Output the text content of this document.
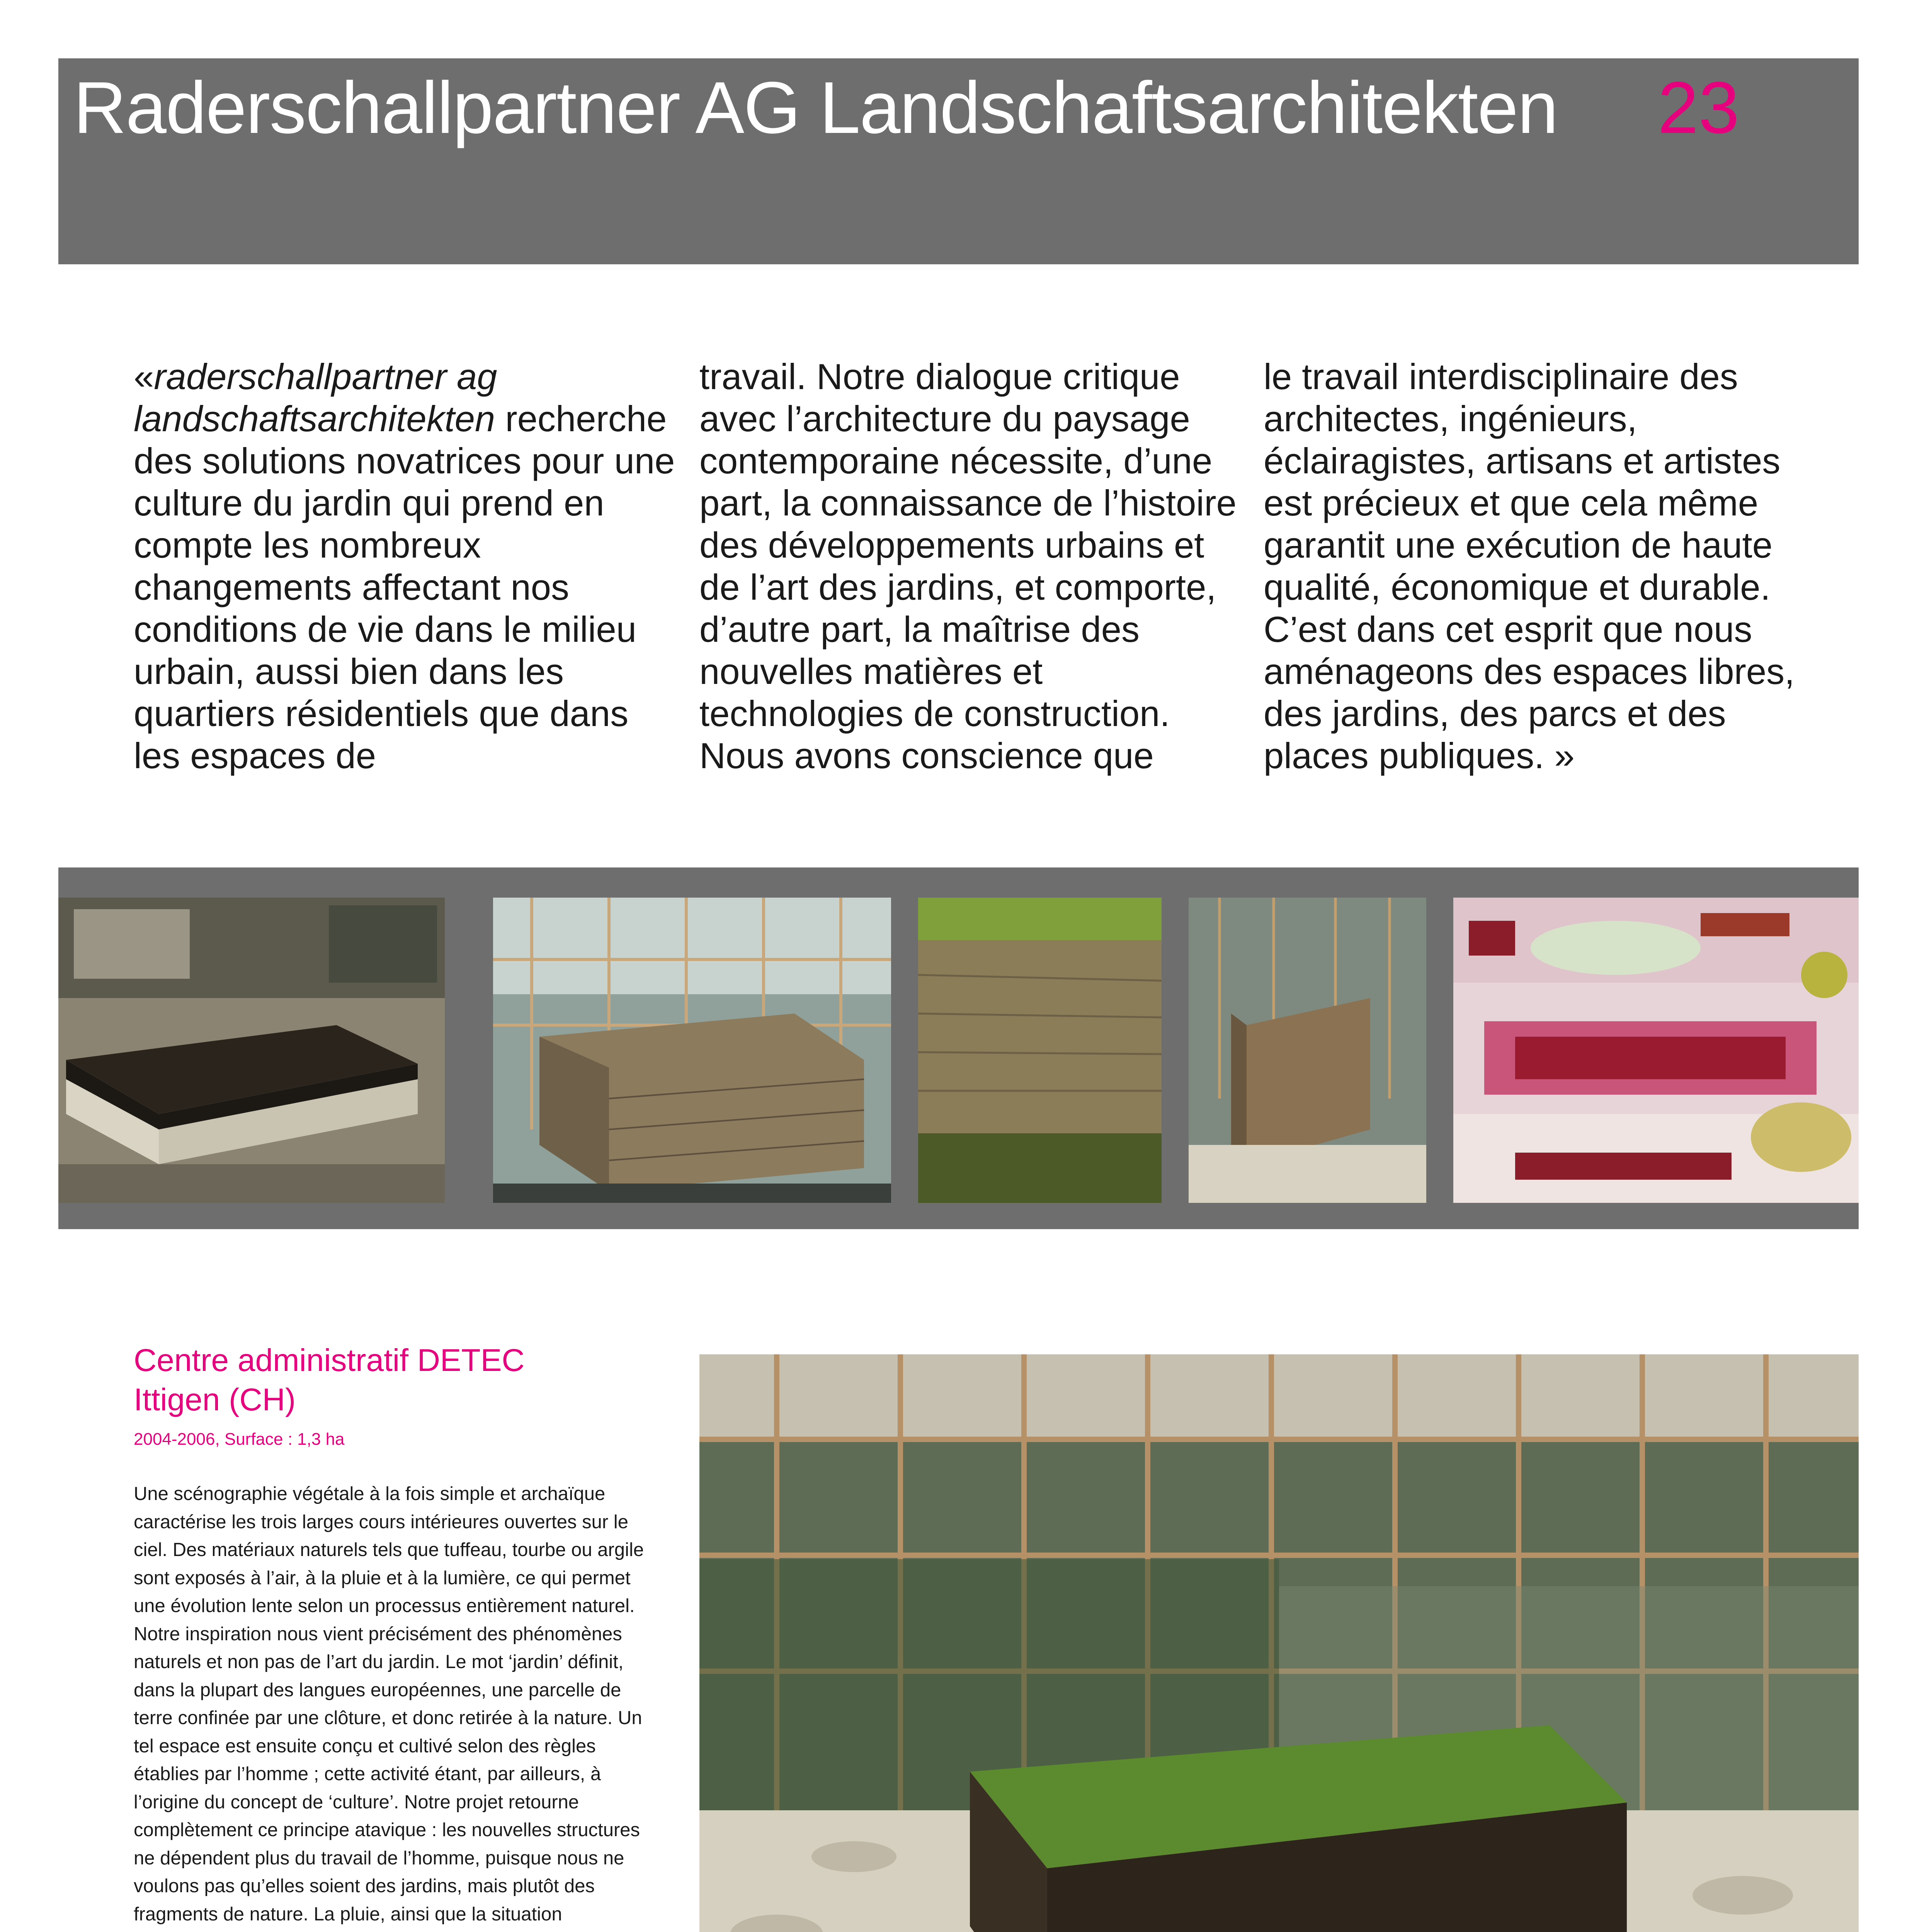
Raderschallpartner AG Landschaftsarchitekten 23
«raderschallpartner ag landschaftsarchitekten recherche des solutions novatrices pour une culture du jardin qui prend en compte les nombreux changements affectant nos conditions de vie dans le milieu urbain, aussi bien dans les quartiers résidentiels que dans les espaces de
travail. Notre dialogue critique avec l’architecture du paysage contemporaine nécessite, d’une part, la connaissance de l’histoire des développements urbains et de l’art des jardins, et comporte, d’autre part, la maîtrise des nouvelles matières et technologies de construction. Nous avons conscience que
le travail interdisciplinaire des architectes, ingénieurs, éclairagistes, artisans et artistes est précieux et que cela même garantit une exécution de haute qualité, économique et durable. C’est dans cet esprit que nous aménageons des espaces libres, des jardins, des parcs et des places publiques. »
Centre administratif DETEC
Ittigen (CH)
2004-2006, Surface : 1,3 ha
Une scénographie végétale à la fois simple et archaïque caractérise les trois larges cours intérieures ouvertes sur le ciel. Des matériaux naturels tels que tuffeau, tourbe ou argile sont exposés à l’air, à la pluie et à la lumière, ce qui permet une évolution lente selon un processus entièrement naturel. Notre inspiration nous vient précisément des phénomènes naturels et non pas de l’art du jardin. Le mot ‘jardin’ définit, dans la plupart des langues européennes, une parcelle de terre confinée par une clôture, et donc retirée à la nature. Un tel espace est ensuite conçu et cultivé selon des règles établies par l’homme ; cette activité étant, par ailleurs, à l’origine du concept de ‘culture’. Notre projet retourne complètement ce principe atavique : les nouvelles structures ne dépendent plus du travail de l’homme, puisque nous ne voulons pas qu’elles soient des jardins, mais plutôt des fragments de nature. La pluie, ainsi que la situation
